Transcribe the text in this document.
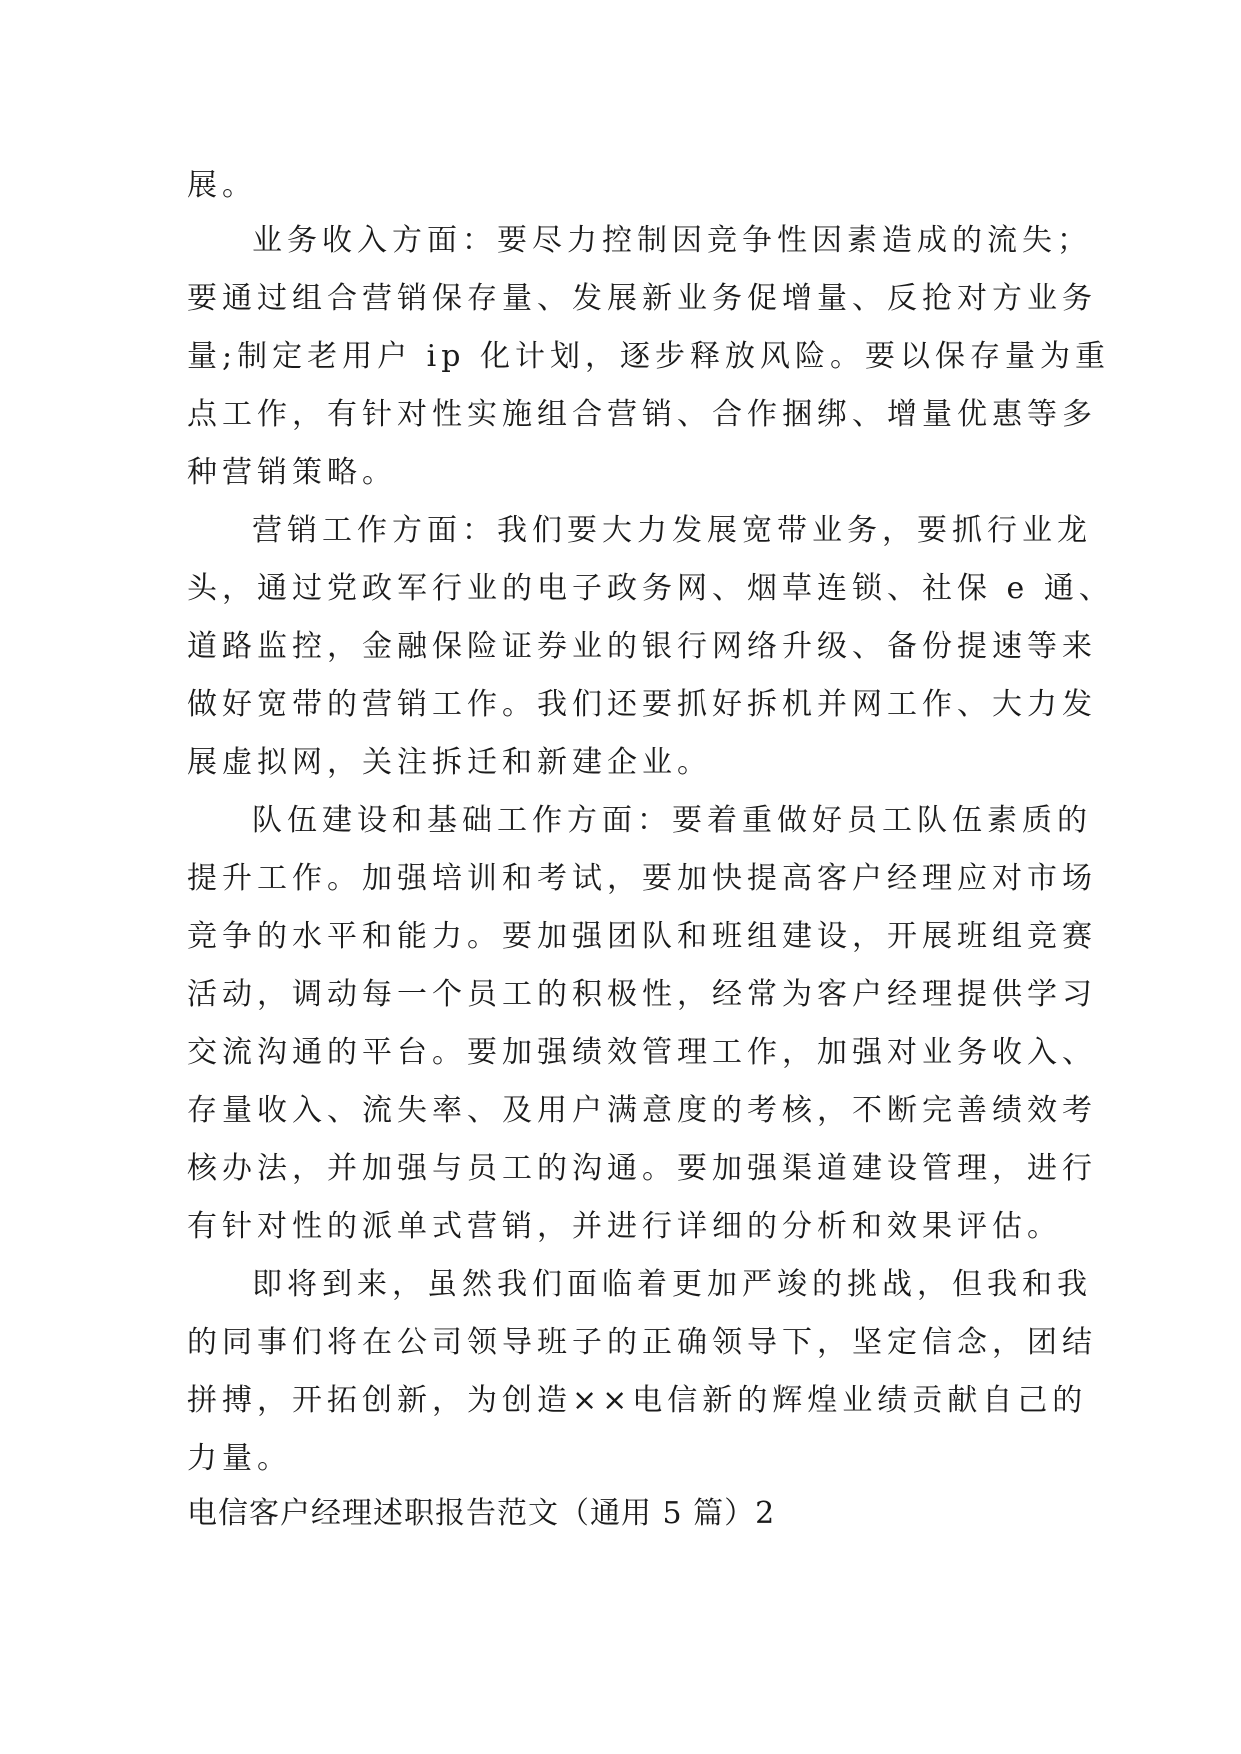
展。
业务收入方面：要尽力控制因竞争性因素造成的流失；
要通过组合营销保存量、发展新业务促增量、反抢对方业务
量;制定老用户 ip 化计划，逐步释放风险。要以保存量为重
点工作，有针对性实施组合营销、合作捆绑、增量优惠等多
种营销策略。
营销工作方面：我们要大力发展宽带业务，要抓行业龙
头，通过党政军行业的电子政务网、烟草连锁、社保 e 通、
道路监控，金融保险证券业的银行网络升级、备份提速等来
做好宽带的营销工作。我们还要抓好拆机并网工作、大力发
展虚拟网，关注拆迁和新建企业。
队伍建设和基础工作方面：要着重做好员工队伍素质的
提升工作。加强培训和考试，要加快提高客户经理应对市场
竞争的水平和能力。要加强团队和班组建设，开展班组竞赛
活动，调动每一个员工的积极性，经常为客户经理提供学习
交流沟通的平台。要加强绩效管理工作，加强对业务收入、
存量收入、流失率、及用户满意度的考核，不断完善绩效考
核办法，并加强与员工的沟通。要加强渠道建设管理，进行
有针对性的派单式营销，并进行详细的分析和效果评估。
即将到来，虽然我们面临着更加严竣的挑战，但我和我
的同事们将在公司领导班子的正确领导下，坚定信念，团结
拼搏，开拓创新，为创造××电信新的辉煌业绩贡献自己的
力量。
电信客户经理述职报告范文（通用 5 篇）2
